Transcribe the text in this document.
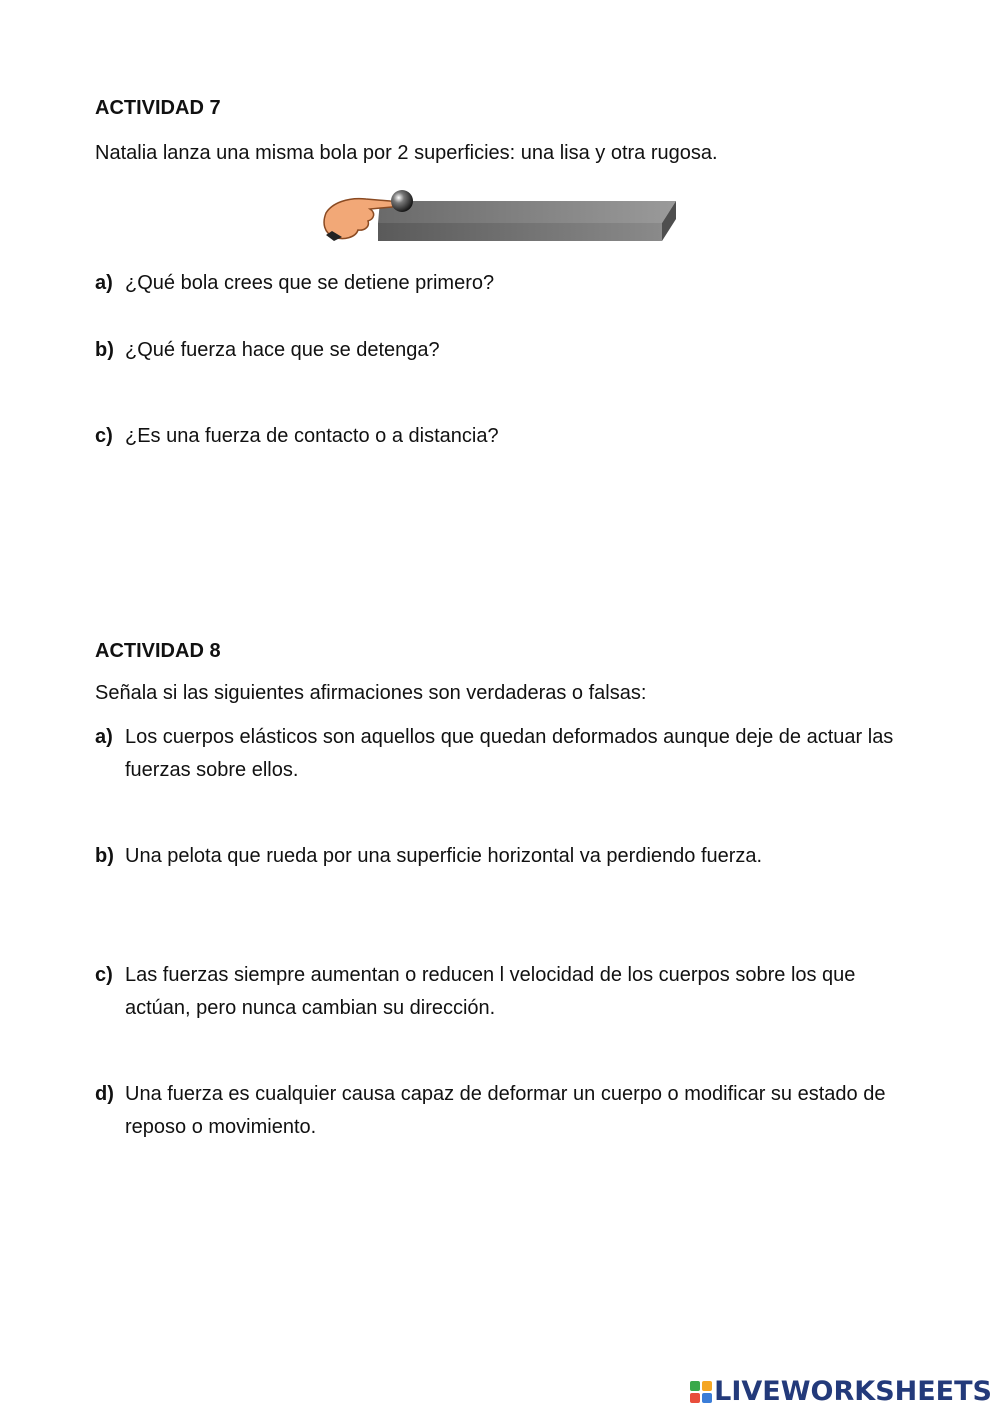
ACTIVIDAD 7
Natalia lanza una misma bola por 2 superficies: una lisa y otra rugosa.
a) ¿Qué bola crees que se detiene primero?
b) ¿Qué fuerza hace que se detenga?
c) ¿Es una fuerza de contacto o a distancia?
ACTIVIDAD 8
Señala si las siguientes afirmaciones son verdaderas o falsas:
a) Los cuerpos elásticos son aquellos que quedan deformados aunque deje de actuar las fuerzas sobre ellos.
b) Una pelota que rueda por una superficie horizontal va perdiendo fuerza.
c) Las fuerzas siempre aumentan o reducen l velocidad de los cuerpos sobre los que actúan, pero nunca cambian su dirección.
d) Una fuerza es cualquier causa capaz de deformar un cuerpo o modificar su estado de reposo o movimiento.
LIVEWORKSHEETS
